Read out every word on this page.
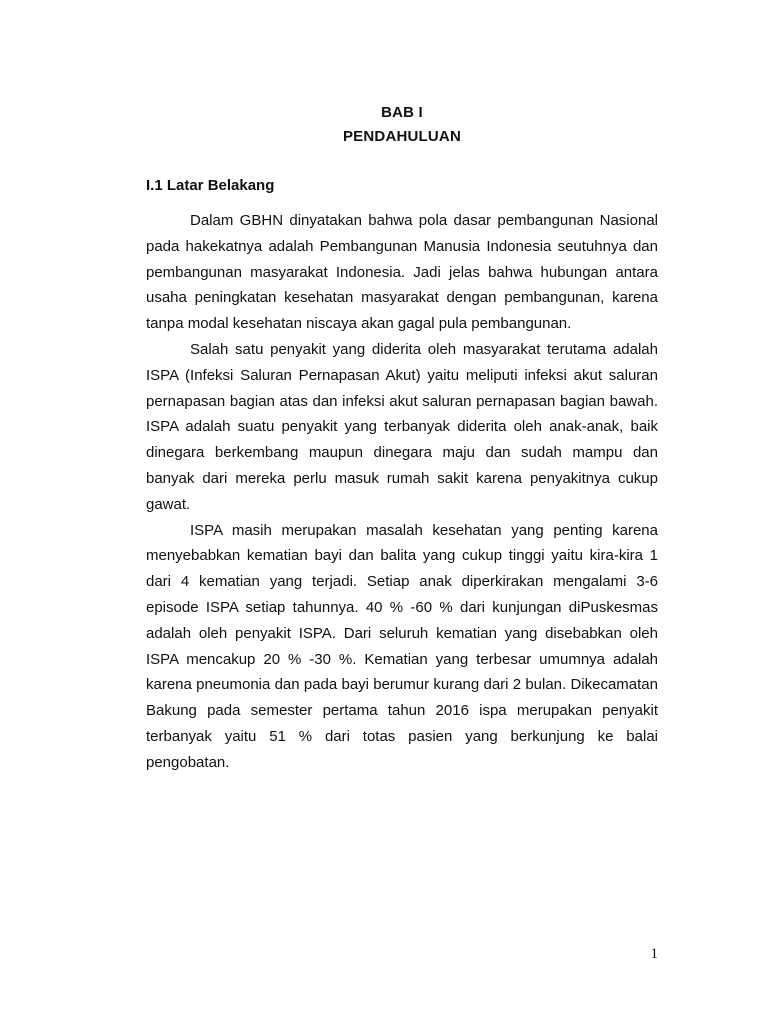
BAB I
PENDAHULUAN
I.1 Latar Belakang

Dalam GBHN dinyatakan bahwa pola dasar pembangunan Nasional pada hakekatnya adalah Pembangunan Manusia Indonesia seutuhnya dan pembangunan masyarakat Indonesia. Jadi jelas bahwa hubungan antara usaha peningkatan kesehatan masyarakat dengan pembangunan, karena tanpa modal kesehatan niscaya akan gagal pula pembangunan.

Salah satu penyakit yang diderita oleh masyarakat terutama adalah ISPA (Infeksi Saluran Pernapasan Akut) yaitu meliputi infeksi akut saluran pernapasan bagian atas dan infeksi akut saluran pernapasan bagian bawah. ISPA adalah suatu penyakit yang terbanyak diderita oleh anak-anak, baik dinegara berkembang maupun dinegara maju dan sudah mampu dan banyak dari mereka perlu masuk rumah sakit karena penyakitnya cukup gawat.

ISPA masih merupakan masalah kesehatan yang penting karena menyebabkan kematian bayi dan balita yang cukup tinggi yaitu kira-kira 1 dari 4 kematian yang terjadi. Setiap anak diperkirakan mengalami 3-6 episode ISPA setiap tahunnya. 40 % -60 % dari kunjungan diPuskesmas adalah oleh penyakit ISPA. Dari seluruh kematian yang disebabkan oleh ISPA mencakup 20 % -30 %. Kematian yang terbesar umumnya adalah karena pneumonia dan pada bayi berumur kurang dari 2 bulan. Dikecamatan Bakung pada semester pertama tahun 2016 ispa merupakan penyakit terbanyak yaitu 51 % dari totas pasien yang berkunjung ke balai pengobatan.

1
